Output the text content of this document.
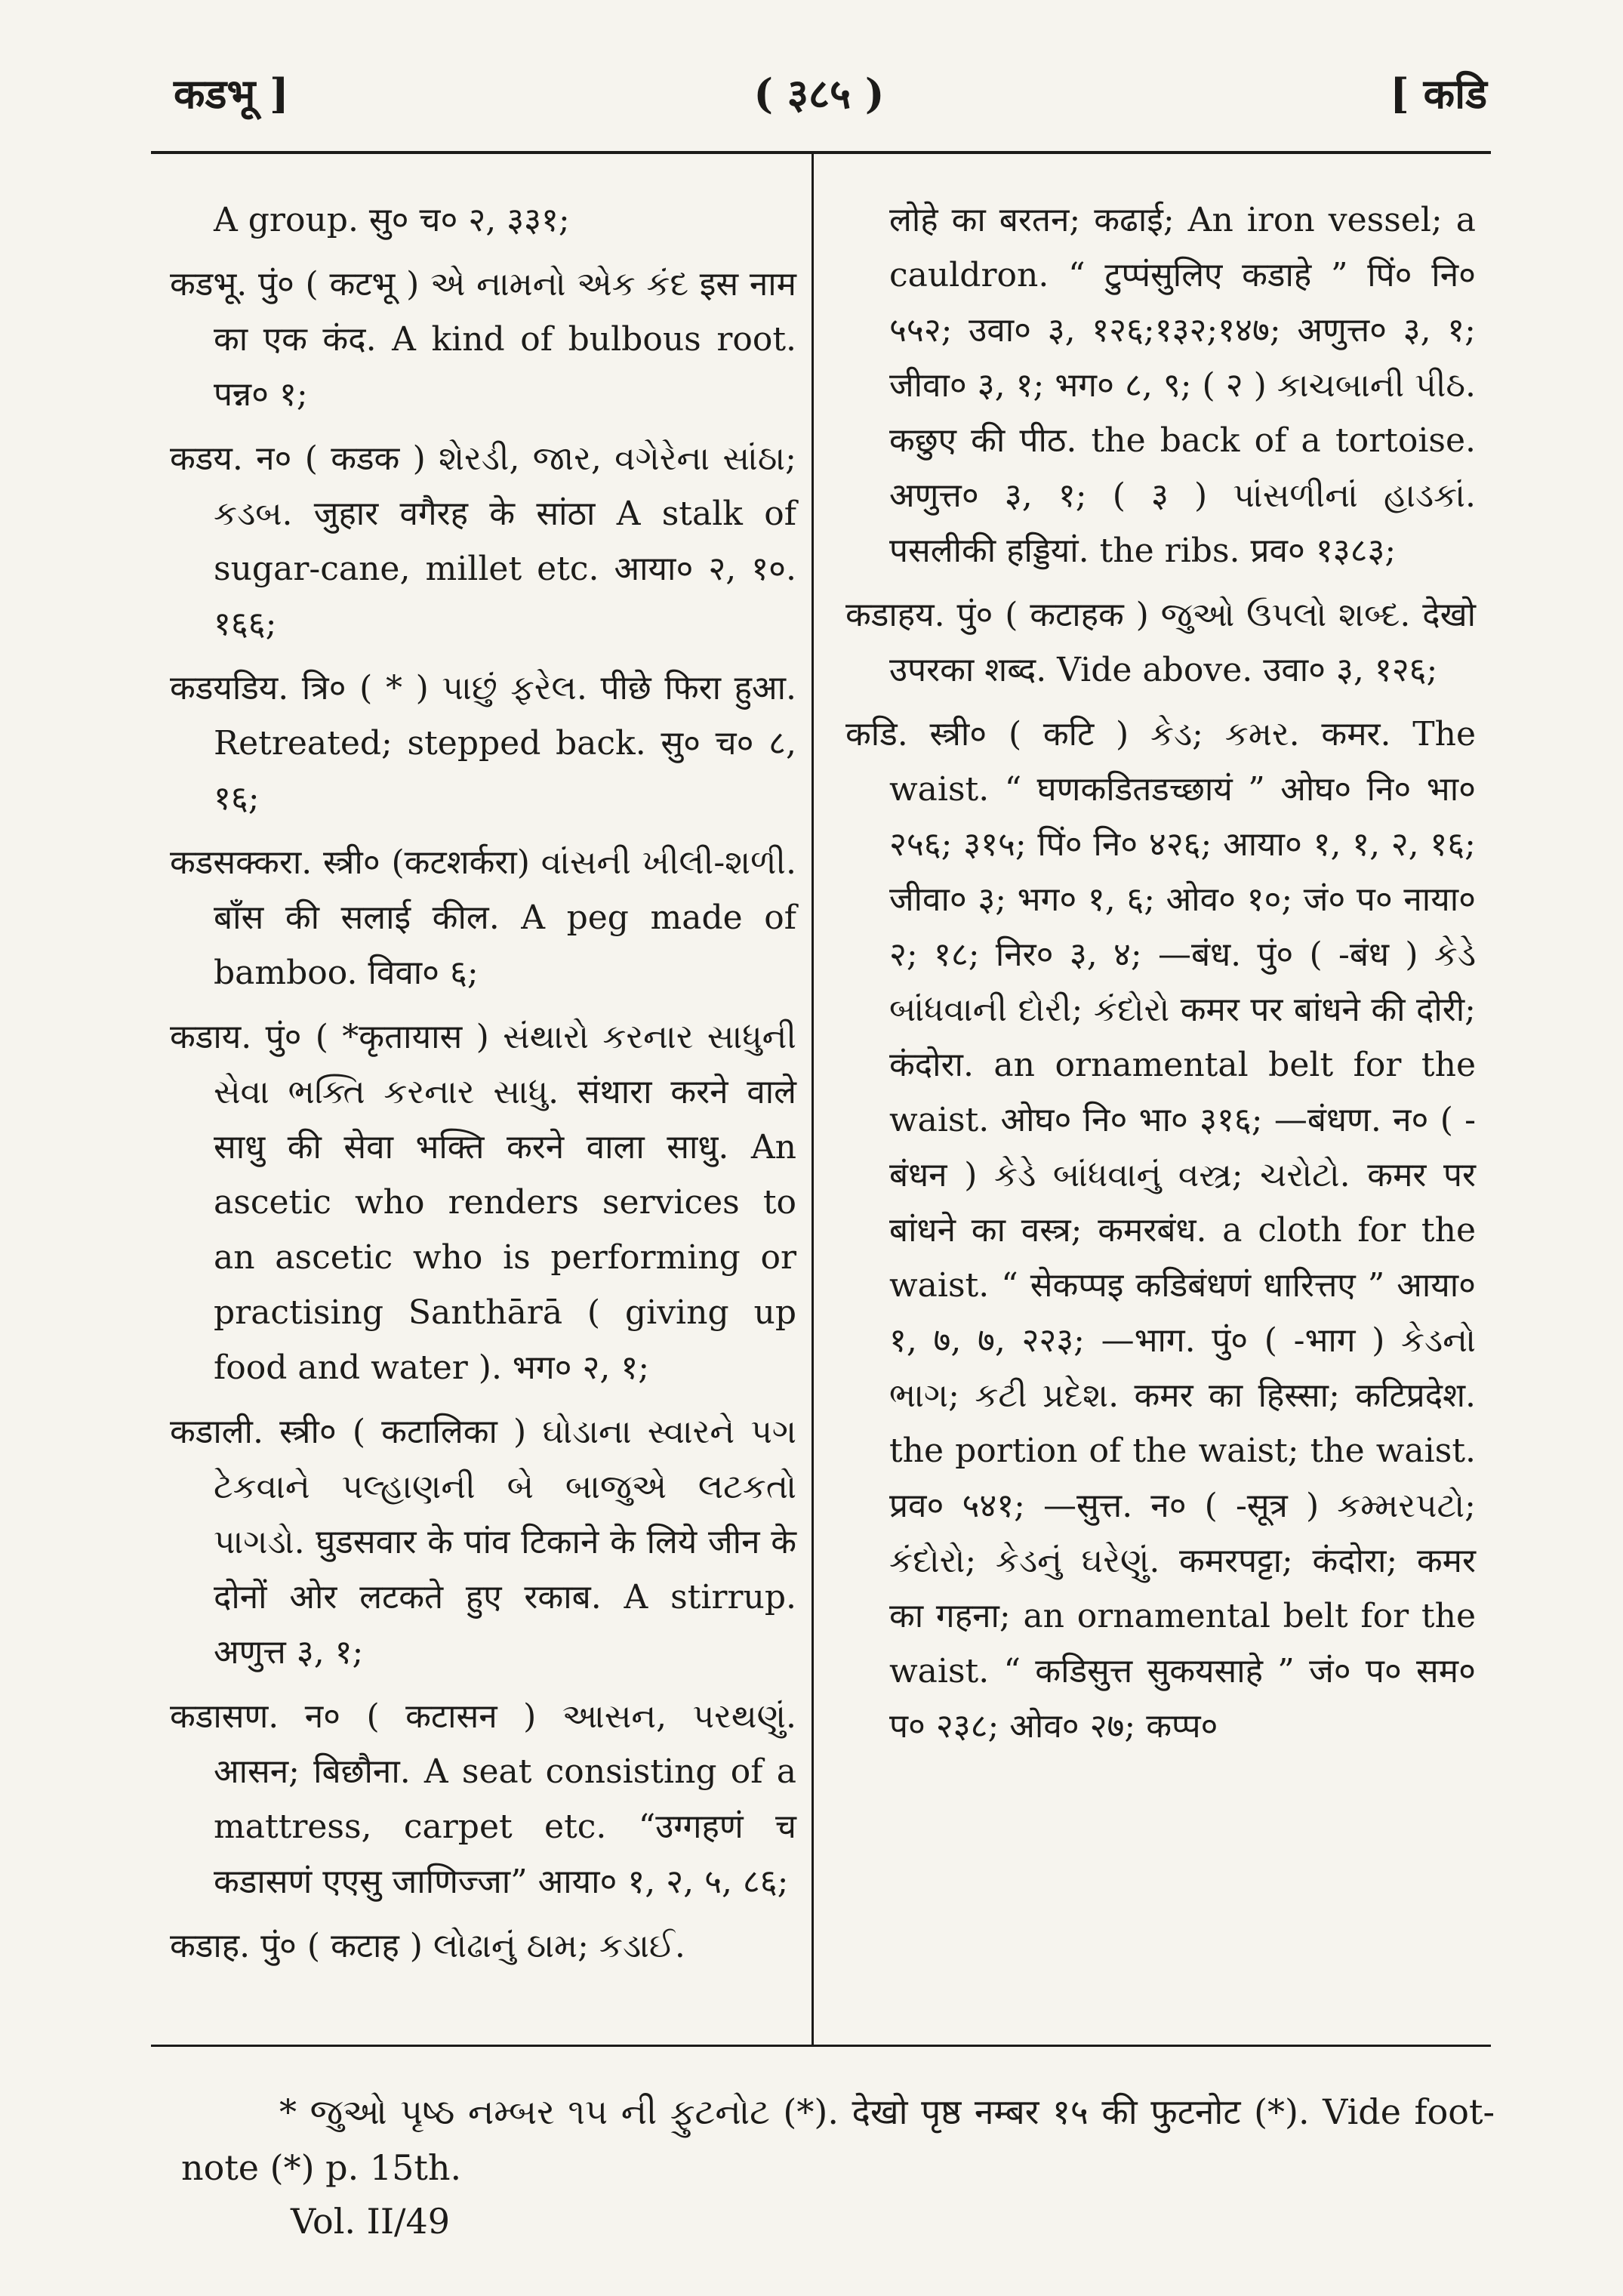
कडभू ]	( ३८५ )	[ कडि

A group. सु० च० २, ३३१;

कडभू. पुं० ( कटभू ) એ નામનો એક કંદ इस नाम का एक कंद. A kind of bulbous root. पन्न० १;

कडय. न० ( कडक ) શેરડી, જાર, વગેરેના સાંઠા; કડબ. जुहार वगैरह के सांठा A stalk of sugar-cane, millet etc. आया० २, १०. १६६;

कडयडिय. त्रि० ( * ) પાછું ફરેલ. पीछे फिरा हुआ. Retreated; stepped back. सु० च० ८, १६;

कडसक्करा. स्त्री० (कटशर्करा) વાંસની ખીલી-શળી. बाँस की सलाई कील. A peg made of bamboo. विवा० ६;

कडाय. पुं० ( *कृतायास ) સંથારો કરનાર સાધુની સેવા ભક્તિ કરનાર સાધુ. संथारा करने वाले साधु की सेवा भक्ति करने वाला साधु. An ascetic who renders services to an ascetic who is performing or practising Santhārā ( giving up food and water ). भग० २, १;

कडाली. स्त्री० ( कटालिका ) ઘોડાના સ્વારને પગ ટેકવાને પલ્હાણની બે બાજુએ લટકતો પાગડો. घुडसवार के पांव टिकाने के लिये जीन के दोनों ओर लटकते हुए रकाब. A stirrup. अणुत्त ३, १;

कडासण. न० ( कटासन ) આસન, પરથણું. आसन; बिछौना. A seat consisting of a mattress, carpet etc. “उग्गहणं च कडासणं एएसु जाणिज्जा” आया० १, २, ५, ८६;

कडाह. पुं० ( कटाह ) લોઢાનું ઠામ; કડાઈ.

लोहे का बरतन; कढाई; An iron vessel; a cauldron. “ टुप्पंसुलिए कडाहे ” पिं० नि० ५५२; उवा० ३, १२६;१३२;१४७; अणुत्त० ३, १; जीवा० ३, १; भग० ८, ९; ( २ ) કાચબાની પીઠ. कछुए की पीठ. the back of a tortoise. अणुत्त० ३, १; ( ३ ) પાંસળીનાં હાડકાં. पसलीकी हड्डियां. the ribs. प्रव० १३८३;

कडाहय. पुं० ( कटाहक ) જુઓ ઉપલો શબ્દ. देखो उपरका शब्द. Vide above. उवा० ३, १२६;

कडि. स्त्री० ( कटि ) કેડ; કમર. कमर. The waist. “ घणकडितडच्छायं ” ओघ० नि० भा० २५६; ३१५; पिं० नि० ४२६; आया० १, १, २, १६; जीवा० ३; भग० १, ६; ओव० १०; जं० प० नाया० २; १८; निर० ३, ४; —बंध. पुं० ( -बंध ) કેડે બાંધવાની દોરી; કંદોરો कमर पर बांधने की दोरी; कंदोरा. an ornamental belt for the waist. ओघ० नि० भा० ३१६; —बंधण. न० ( -बंधन ) કેડે બાંધવાનું વસ્ત્ર; ચરોટો. कमर पर बांधने का वस्त्र; कमरबंध. a cloth for the waist. “ सेकप्पइ कडिबंधणं धारित्तए ” आया० १, ७, ७, २२३; —भाग. पुं० ( -भाग ) કેડનો ભાગ; કટી પ્રદેશ. कमर का हिस्सा; कटिप्रदेश. the portion of the waist; the waist. प्रव० ५४१; —सुत्त. न० ( -सूत्र ) કમ્મરપટો; કંદોરો; કેડનું ઘરેણું. कमरपट्टा; कंदोरा; कमर का गहना; an ornamental belt for the waist. “ कडिसुत्त सुकयसाहे ” जं० प० सम० प० २३८; ओव० २७; कप्प०

* જુઓ પૃષ્ઠ નમ્બર ૧૫ ની ફુટનોટ (*). देखो पृष्ठ नम्बर १५ की फुटनोट (*). Vide foot-note (*) p. 15th.

Vol. II/49
